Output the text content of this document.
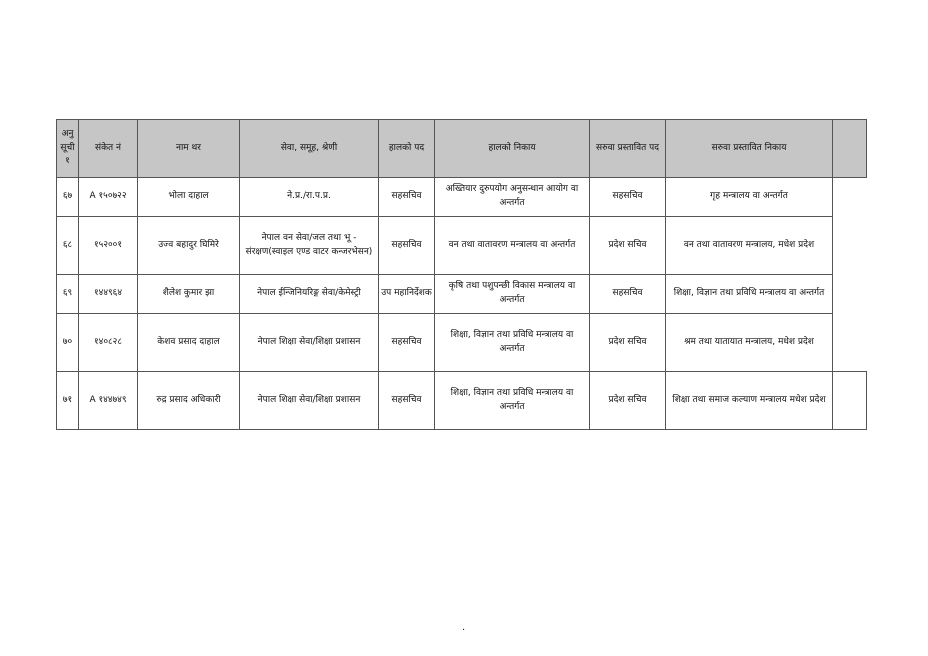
अनु सूची १	संकेत नं	नाम थर	सेवा, समूह, श्रेणी	हालको पद	हालको निकाय	सरुवा प्रस्तावित पद	सरुवा प्रस्तावित निकाय	
६७	A १५०७२२	भोला दाहाल	ने.प्र./रा.प.प्र.	सहसचिव	अख्तियार दुरुपयोग अनुसन्धान आयोग वा अन्तर्गत	सहसचिव	गृह मन्त्रालय वा अन्तर्गत	
६८	१५२००१	उज्व बहादुर घिमिरे	नेपाल वन सेवा/जल तथा भू - संरक्षण(स्वाइल एण्ड वाटर कन्जरभेसन)	सहसचिव	वन तथा वातावरण मन्त्रालय वा अन्तर्गत	प्रदेश सचिव	वन तथा वातावरण मन्त्रालय, मधेश प्रदेश	
६९	१४४९६४	शैलेश कुमार झा	नेपाल ईन्जिनियरिङ्ग सेवा/केमेस्ट्री	उप महानिर्देशक	कृषि तथा पशुपन्छी विकास मन्त्रालय वा अन्तर्गत	सहसचिव	शिक्षा, विज्ञान तथा प्रविधि मन्त्रालय वा अन्तर्गत	
७०	१४०८२८	केशव प्रसाद दाहाल	नेपाल शिक्षा सेवा/शिक्षा प्रशासन	सहसचिव	शिक्षा, विज्ञान तथा प्रविधि मन्त्रालय वा अन्तर्गत	प्रदेश सचिव	श्रम तथा यातायात मन्त्रालय, मधेश प्रदेश	
७१	A १४४७४९	रुद्र प्रसाद अधिकारी	नेपाल शिक्षा सेवा/शिक्षा प्रशासन	सहसचिव	शिक्षा, विज्ञान तथा प्रविधि मन्त्रालय वा अन्तर्गत	प्रदेश सचिव	शिक्षा तथा समाज कल्याण मन्त्रालय मधेश प्रदेश	
.
